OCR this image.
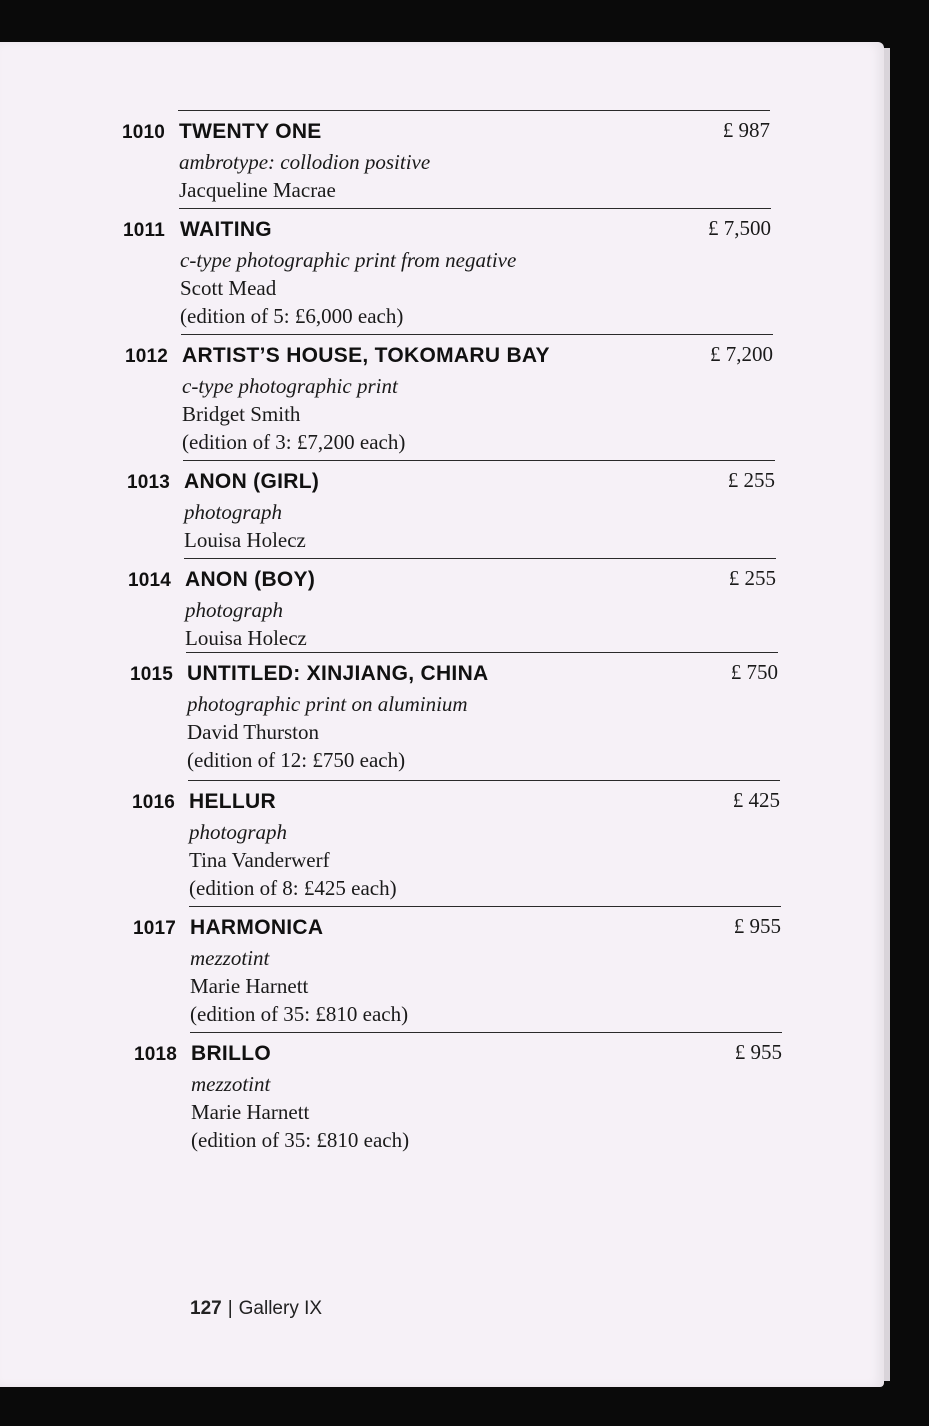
1010 TWENTY ONE	£ 987
ambrotype: collodion positive
Jacqueline Macrae
1011 WAITING	£ 7,500
c-type photographic print from negative
Scott Mead
(edition of 5: £6,000 each)
1012 ARTIST’S HOUSE, TOKOMARU BAY	£ 7,200
c-type photographic print
Bridget Smith
(edition of 3: £7,200 each)
1013 ANON (GIRL)	£ 255
photograph
Louisa Holecz
1014 ANON (BOY)	£ 255
photograph
Louisa Holecz
1015 UNTITLED: XINJIANG, CHINA	£ 750
photographic print on aluminium
David Thurston
(edition of 12: £750 each)
1016 HELLUR	£ 425
photograph
Tina Vanderwerf
(edition of 8: £425 each)
1017 HARMONICA	£ 955
mezzotint
Marie Harnett
(edition of 35: £810 each)
1018 BRILLO	£ 955
mezzotint
Marie Harnett
(edition of 35: £810 each)
127 | Gallery IX
